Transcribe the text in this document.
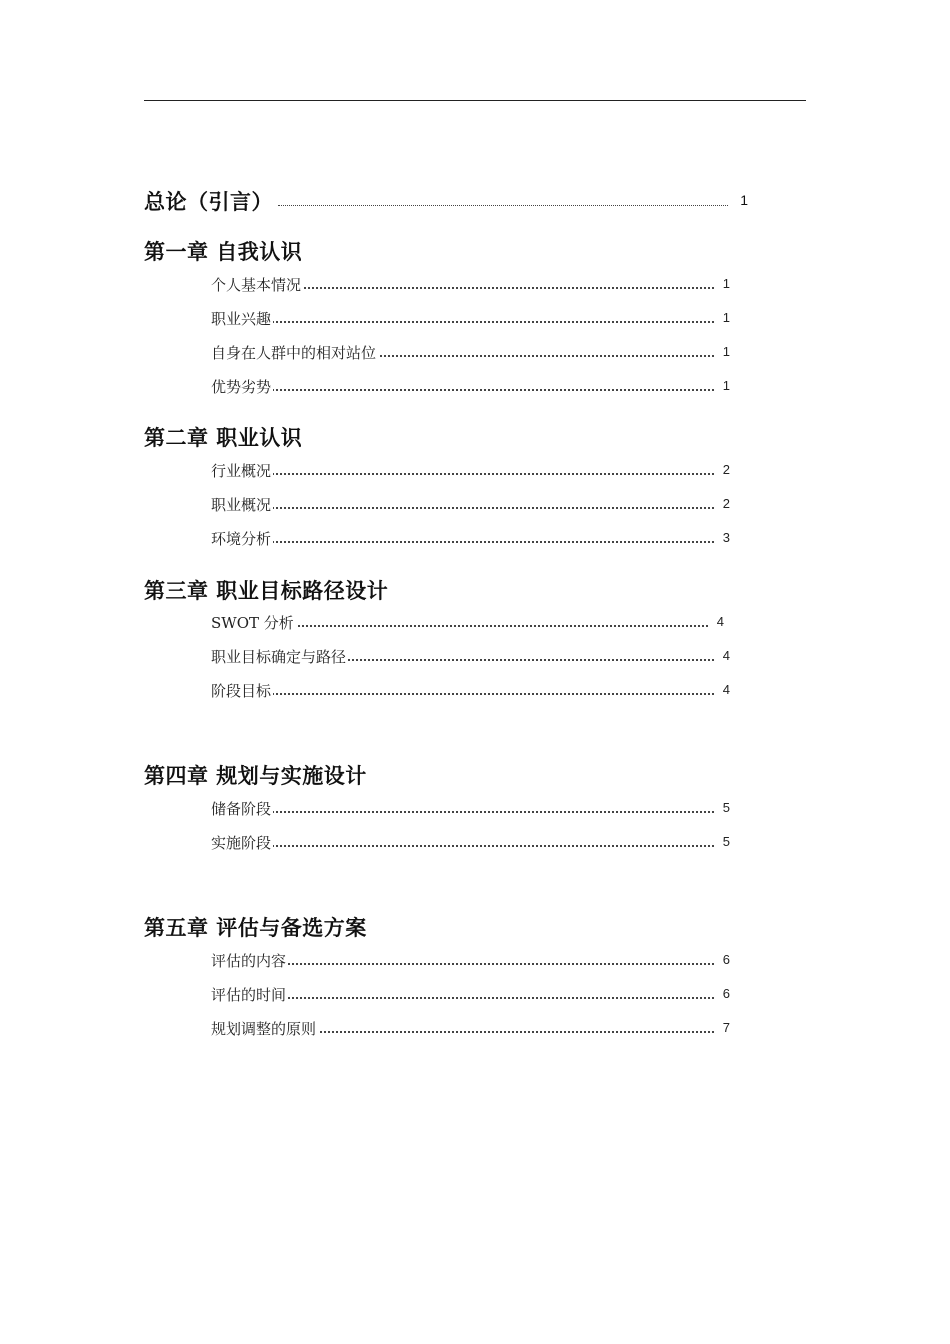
总论（引言）	1
第一章 自我认识
个人基本情况	1
职业兴趣	1
自身在人群中的相对站位	1
优势劣势	1
第二章 职业认识
行业概况	2
职业概况	2
环境分析	3
第三章 职业目标路径设计
SWOT 分析	4
职业目标确定与路径	4
阶段目标	4
第四章 规划与实施设计
储备阶段	5
实施阶段	5
第五章 评估与备选方案
评估的内容	6
评估的时间	6
规划调整的原则	7
